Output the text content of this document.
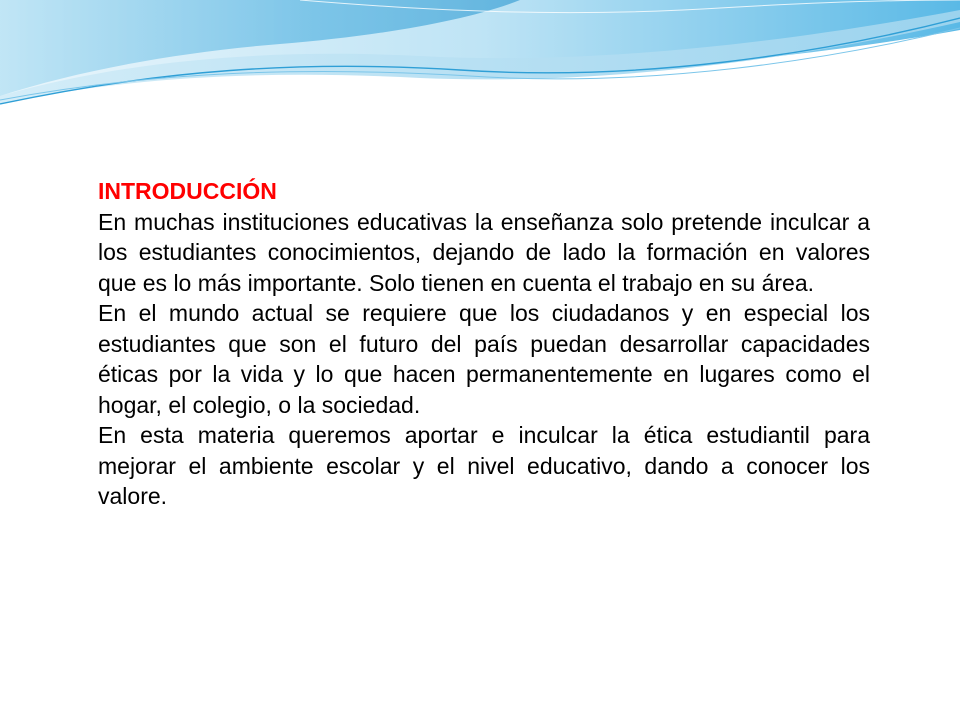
INTRODUCCIÓN

En muchas instituciones educativas la enseñanza solo pretende inculcar a los estudiantes conocimientos, dejando de lado la formación en valores que es lo más importante. Solo tienen en cuenta el trabajo en su área.

En el mundo actual se requiere que los ciudadanos y en especial los estudiantes que son el futuro del país puedan desarrollar capacidades éticas por la vida y lo que hacen permanentemente en lugares como el hogar, el colegio, o la sociedad.

En esta materia queremos aportar e inculcar la ética estudiantil para mejorar el ambiente escolar y el nivel educativo, dando a conocer los valore.
